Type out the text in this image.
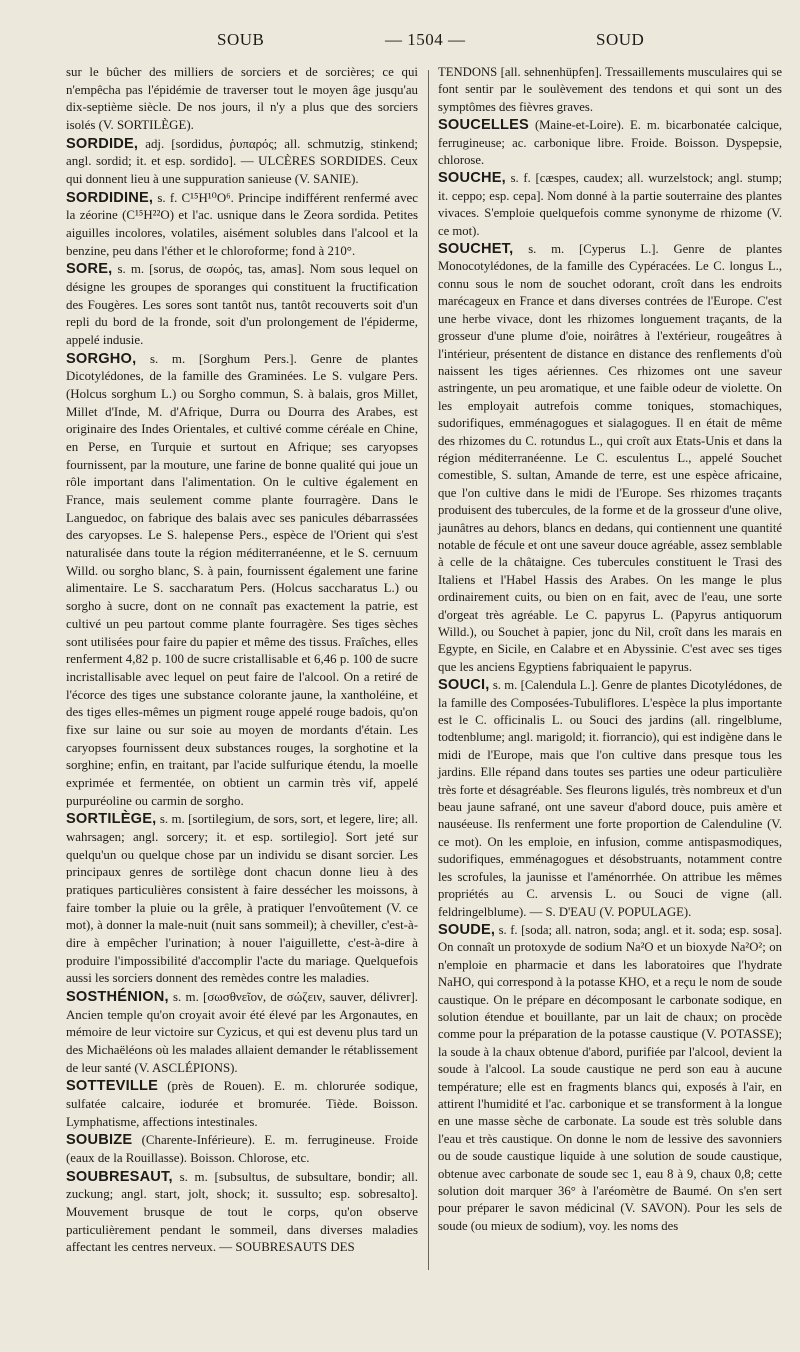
SOUB	— 1504 —	SOUD

sur le bûcher des milliers de sorciers et de sorcières; ce qui n'empêcha pas l'épidémie de traverser tout le moyen âge jusqu'au dix-septième siècle. De nos jours, il n'y a plus que des sorciers isolés (V. SORTILÈGE).

SORDIDE, adj. [sordidus, ῥυπαρός; all. schmutzig, stinkend; angl. sordid; it. et esp. sordido]. — ULCÈRES SORDIDES. Ceux qui donnent lieu à une suppuration sanieuse (V. SANIE).

SORDIDINE, s. f. C¹⁵H¹⁰O⁶. Principe indifférent renfermé avec la zéorine (C¹⁵H²²O) et l'ac. usnique dans le Zeora sordida. Petites aiguilles incolores, volatiles, aisément solubles dans l'alcool et la benzine, peu dans l'éther et le chloroforme; fond à 210°.

SORE, s. m. [sorus, de σωρός, tas, amas]. Nom sous lequel on désigne les groupes de sporanges qui constituent la fructification des Fougères. Les sores sont tantôt nus, tantôt recouverts soit d'un repli du bord de la fronde, soit d'un prolongement de l'épiderme, appelé indusie.

SORGHO, s. m. [Sorghum Pers.]. Genre de plantes Dicotylédones, de la famille des Graminées. Le S. vulgare Pers. (Holcus sorghum L.) ou Sorgho commun, S. à balais, gros Millet, Millet d'Inde, M. d'Afrique, Durra ou Dourra des Arabes, est originaire des Indes Orientales, et cultivé comme céréale en Chine, en Perse, en Turquie et surtout en Afrique; ses caryopses fournissent, par la mouture, une farine de bonne qualité qui joue un rôle important dans l'alimentation. On le cultive également en France, mais seulement comme plante fourragère. Dans le Languedoc, on fabrique des balais avec ses panicules débarrassées des caryopses. Le S. halepense Pers., espèce de l'Orient qui s'est naturalisée dans toute la région méditerranéenne, et le S. cernuum Willd. ou sorgho blanc, S. à pain, fournissent également une farine alimentaire. Le S. saccharatum Pers. (Holcus saccharatus L.) ou sorgho à sucre, dont on ne connaît pas exactement la patrie, est cultivé un peu partout comme plante fourragère. Ses tiges sèches sont utilisées pour faire du papier et même des tissus. Fraîches, elles renferment 4,82 p. 100 de sucre cristallisable et 6,46 p. 100 de sucre incristallisable avec lequel on peut faire de l'alcool. On a retiré de l'écorce des tiges une substance colorante jaune, la xantholéine, et des tiges elles-mêmes un pigment rouge appelé rouge badois, qu'on fixe sur laine ou sur soie au moyen de mordants d'étain. Les caryopses fournissent deux substances rouges, la sorghotine et la sorghine; enfin, en traitant, par l'acide sulfurique étendu, la moelle exprimée et fermentée, on obtient un carmin très vif, appelé purpuréoline ou carmin de sorgho.

SORTILÈGE, s. m. [sortilegium, de sors, sort, et legere, lire; all. wahrsagen; angl. sorcery; it. et esp. sortilegio]. Sort jeté sur quelqu'un ou quelque chose par un individu se disant sorcier. Les principaux genres de sortilège dont chacun donne lieu à des pratiques particulières consistent à faire dessécher les moissons, à faire tomber la pluie ou la grêle, à pratiquer l'envoûtement (V. ce mot), à donner la male-nuit (nuit sans sommeil); à cheviller, c'est-à-dire à empêcher l'urination; à nouer l'aiguillette, c'est-à-dire à produire l'impossibilité d'accomplir l'acte du mariage. Quelquefois aussi les sorciers donnent des remèdes contre les maladies.

SOSTHÉNION, s. m. [σωσθνεῖον, de σώζειν, sauver, délivrer]. Ancien temple qu'on croyait avoir été élevé par les Argonautes, en mémoire de leur victoire sur Cyzicus, et qui est devenu plus tard un des Michaëléons où les malades allaient demander le rétablissement de leur santé (V. ASCLÉPIONS).

SOTTEVILLE (près de Rouen). E. m. chlorurée sodique, sulfatée calcaire, iodurée et bromurée. Tiède. Boisson. Lymphatisme, affections intestinales.

SOUBIZE (Charente-Inférieure). E. m. ferrugineuse. Froide (eaux de la Rouillasse). Boisson. Chlorose, etc.

SOUBRESAUT, s. m. [subsultus, de subsultare, bondir; all. zuckung; angl. start, jolt, shock; it. sussulto; esp. sobresalto]. Mouvement brusque de tout le corps, qu'on observe particulièrement pendant le sommeil, dans diverses maladies affectant les centres nerveux. — SOUBRESAUTS DES

TENDONS [all. sehnenhüpfen]. Tressaillements musculaires qui se font sentir par le soulèvement des tendons et qui sont un des symptômes des fièvres graves.

SOUCELLES (Maine-et-Loire). E. m. bicarbonatée calcique, ferrugineuse; ac. carbonique libre. Froide. Boisson. Dyspepsie, chlorose.

SOUCHE, s. f. [cæspes, caudex; all. wurzelstock; angl. stump; it. ceppo; esp. cepa]. Nom donné à la partie souterraine des plantes vivaces. S'emploie quelquefois comme synonyme de rhizome (V. ce mot).

SOUCHET, s. m. [Cyperus L.]. Genre de plantes Monocotylédones, de la famille des Cypéracées. Le C. longus L., connu sous le nom de souchet odorant, croît dans les endroits marécageux en France et dans diverses contrées de l'Europe. C'est une herbe vivace, dont les rhizomes longuement traçants, de la grosseur d'une plume d'oie, noirâtres à l'extérieur, rougeâtres à l'intérieur, présentent de distance en distance des renflements d'où naissent les tiges aériennes. Ces rhizomes ont une saveur astringente, un peu aromatique, et une faible odeur de violette. On les employait autrefois comme toniques, stomachiques, sudorifiques, emménagogues et sialagogues. Il en était de même des rhizomes du C. rotundus L., qui croît aux Etats-Unis et dans la région méditerranéenne. Le C. esculentus L., appelé Souchet comestible, S. sultan, Amande de terre, est une espèce africaine, que l'on cultive dans le midi de l'Europe. Ses rhizomes traçants produisent des tubercules, de la forme et de la grosseur d'une olive, jaunâtres au dehors, blancs en dedans, qui contiennent une quantité notable de fécule et ont une saveur douce agréable, assez semblable à celle de la châtaigne. Ces tubercules constituent le Trasi des Italiens et l'Habel Hassis des Arabes. On les mange le plus ordinairement cuits, ou bien on en fait, avec de l'eau, une sorte d'orgeat très agréable. Le C. papyrus L. (Papyrus antiquorum Willd.), ou Souchet à papier, jonc du Nil, croît dans les marais en Egypte, en Sicile, en Calabre et en Abyssinie. C'est avec ses tiges que les anciens Egyptiens fabriquaient le papyrus.

SOUCI, s. m. [Calendula L.]. Genre de plantes Dicotylédones, de la famille des Composées-Tubuliflores. L'espèce la plus importante est le C. officinalis L. ou Souci des jardins (all. ringelblume, todtenblume; angl. marigold; it. fiorrancio), qui est indigène dans le midi de l'Europe, mais que l'on cultive dans presque tous les jardins. Elle répand dans toutes ses parties une odeur particulière très forte et désagréable. Ses fleurons ligulés, très nombreux et d'un beau jaune safrané, ont une saveur d'abord douce, puis amère et nauséeuse. Ils renferment une forte proportion de Calenduline (V. ce mot). On les emploie, en infusion, comme antispasmodiques, sudorifiques, emménagogues et désobstruants, notamment contre les scrofules, la jaunisse et l'aménorrhée. On attribue les mêmes propriétés au C. arvensis L. ou Souci de vigne (all. feldringelblume). — S. D'EAU (V. POPULAGE).

SOUDE, s. f. [soda; all. natron, soda; angl. et it. soda; esp. sosa]. On connaît un protoxyde de sodium Na²O et un bioxyde Na²O²; on n'emploie en pharmacie et dans les laboratoires que l'hydrate NaHO, qui correspond à la potasse KHO, et a reçu le nom de soude caustique. On le prépare en décomposant le carbonate sodique, en solution étendue et bouillante, par un lait de chaux; on procède comme pour la préparation de la potasse caustique (V. POTASSE); la soude à la chaux obtenue d'abord, purifiée par l'alcool, devient la soude à l'alcool. La soude caustique ne perd son eau à aucune température; elle est en fragments blancs qui, exposés à l'air, en attirent l'humidité et l'ac. carbonique et se transforment à la longue en une masse sèche de carbonate. La soude est très soluble dans l'eau et très caustique. On donne le nom de lessive des savonniers ou de soude caustique liquide à une solution de soude caustique, obtenue avec carbonate de soude sec 1, eau 8 à 9, chaux 0,8; cette solution doit marquer 36° à l'aréomètre de Baumé. On s'en sert pour préparer le savon médicinal (V. SAVON). Pour les sels de soude (ou mieux de sodium), voy. les noms des
